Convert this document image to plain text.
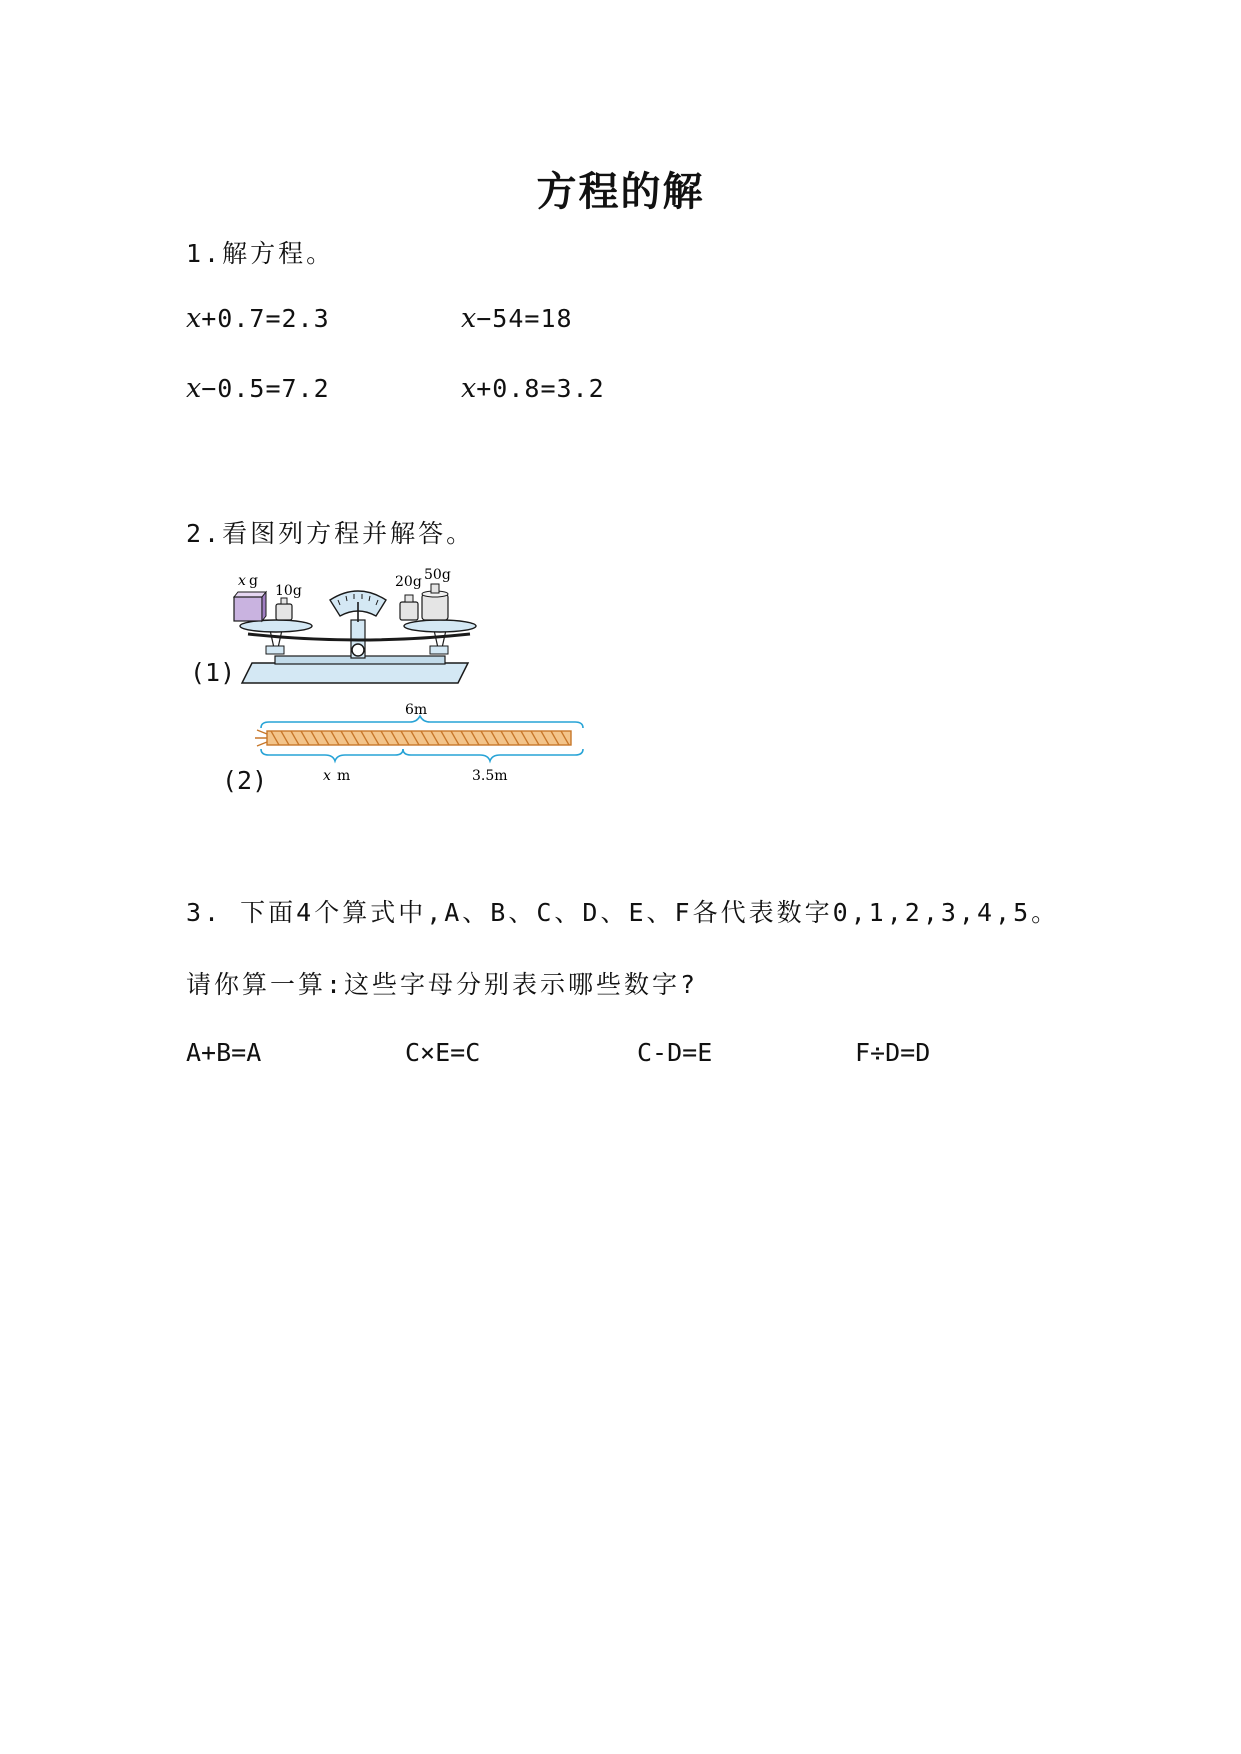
方程的解
1.解方程。
x+0.7=2.3	x−54=18
x−0.5=7.2	x+0.8=3.2
2.看图列方程并解答。
(1)
x g
10g
20g 50g
(2)
6m
x m	3.5m
3. 下面4个算式中,A、B、C、D、E、F各代表数字0,1,2,3,4,5。
请你算一算:这些字母分别表示哪些数字?
A+B=A	C×E=C	C-D=E	F÷D=D
